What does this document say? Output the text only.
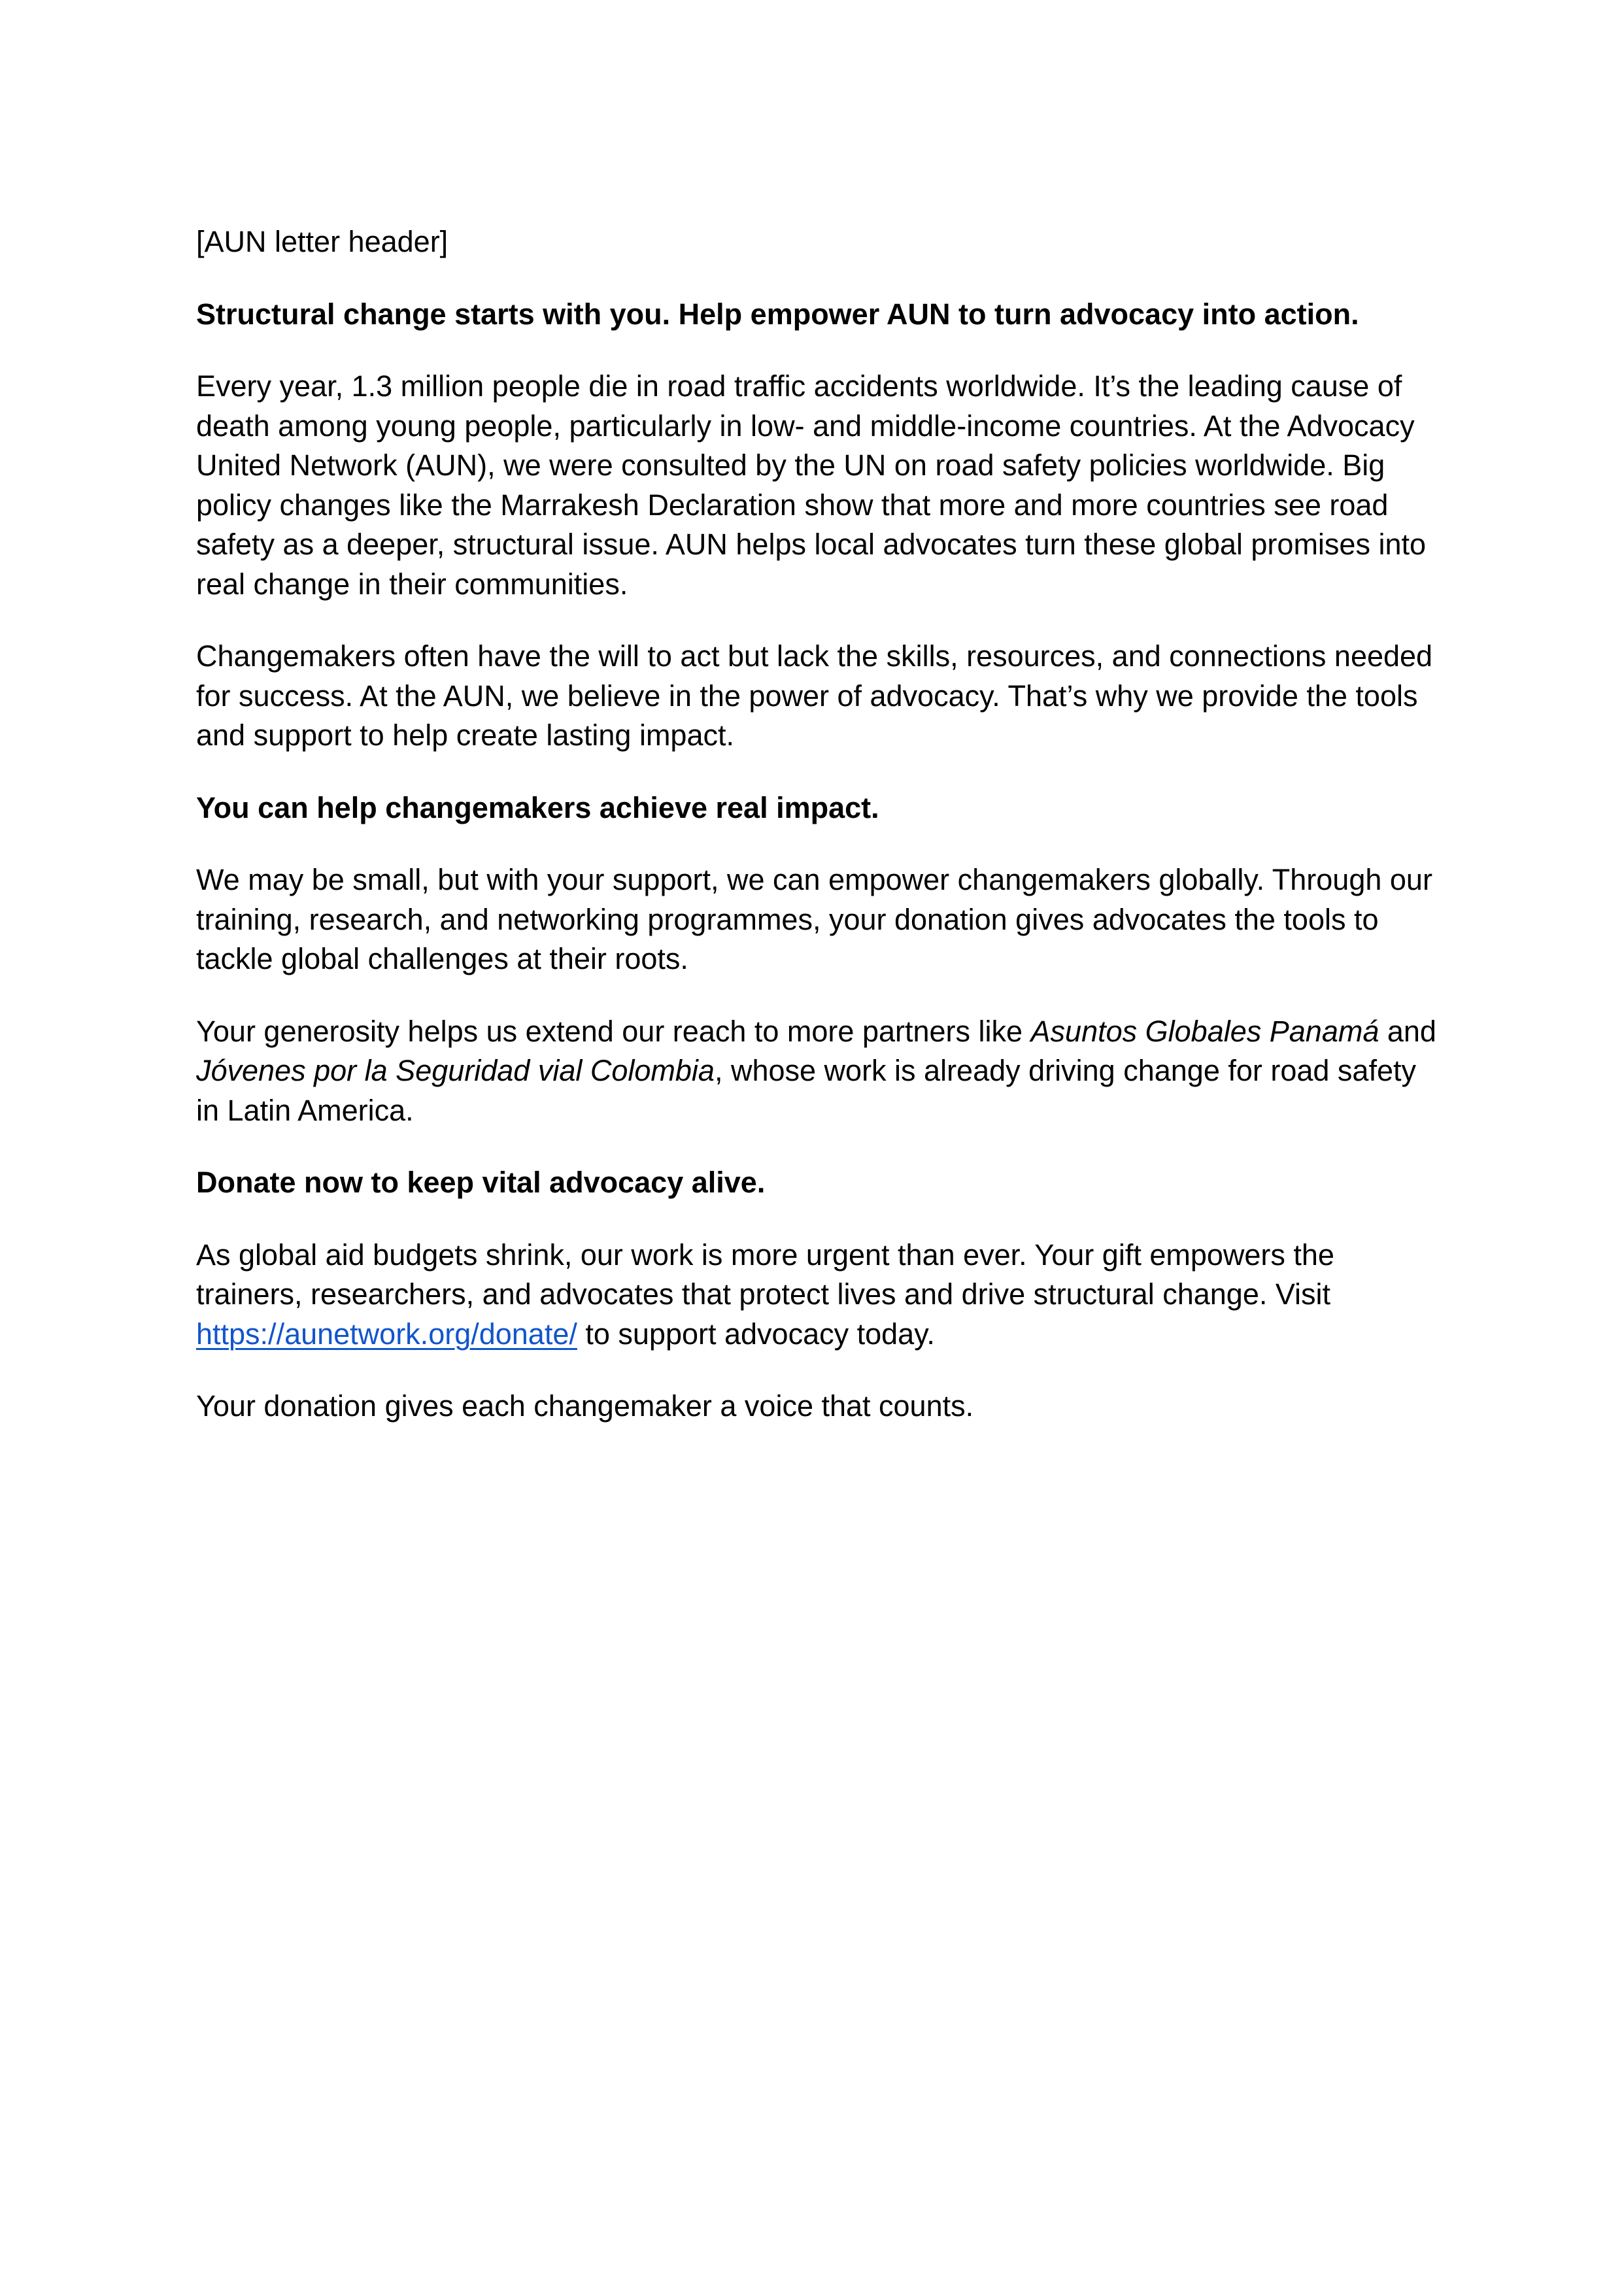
[AUN letter header]

Structural change starts with you. Help empower AUN to turn advocacy into action.

Every year, 1.3 million people die in road traffic accidents worldwide. It’s the leading cause of death among young people, particularly in low- and middle-income countries. At the Advocacy United Network (AUN), we were consulted by the UN on road safety policies worldwide. Big policy changes like the Marrakesh Declaration show that more and more countries see road safety as a deeper, structural issue. AUN helps local advocates turn these global promises into real change in their communities.

Changemakers often have the will to act but lack the skills, resources, and connections needed for success. At the AUN, we believe in the power of advocacy. That’s why we provide the tools and support to help create lasting impact.

You can help changemakers achieve real impact.

We may be small, but with your support, we can empower changemakers globally. Through our training, research, and networking programmes, your donation gives advocates the tools to tackle global challenges at their roots.

Your generosity helps us extend our reach to more partners like Asuntos Globales Panamá and Jóvenes por la Seguridad vial Colombia, whose work is already driving change for road safety in Latin America.

Donate now to keep vital advocacy alive.

As global aid budgets shrink, our work is more urgent than ever. Your gift empowers the trainers, researchers, and advocates that protect lives and drive structural change. Visit https://aunetwork.org/donate/ to support advocacy today.

Your donation gives each changemaker a voice that counts.
